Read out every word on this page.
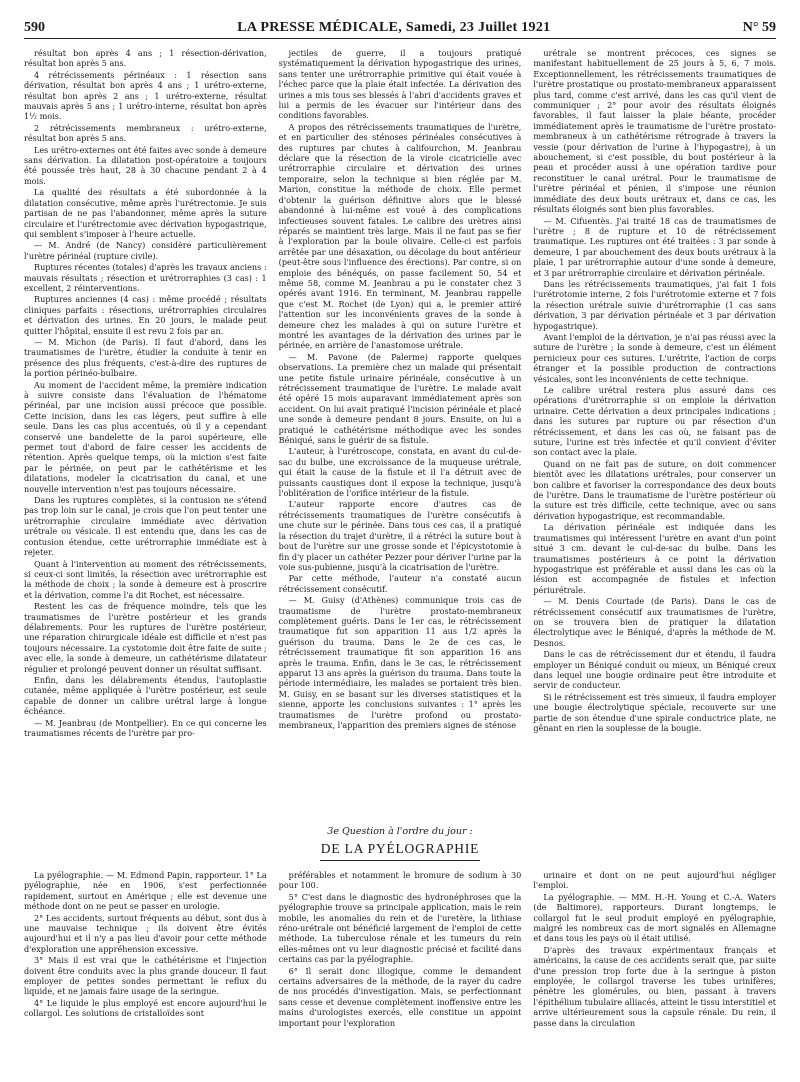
590	LA PRESSE MÉDICALE, Samedi, 23 Juillet 1921	N° 59

résultat bon après 4 ans ; 1 résection-dérivation, résultat bon après 5 ans.

4 rétrécissements périnéaux : 1 résection sans dérivation, résultat bon après 4 ans ; 1 urétro-externe, résultat bon après 2 ans ; 1 urétro-externe, résultat mauvais après 5 ans ; 1 urétro-interne, résultat bon après 1½ mois.

2 rétrécissements membraneux : urétro-externe, résultat bon après 5 ans.

Les urétro-externes ont été faites avec sonde à demeure sans dérivation. La dilatation post-opératoire a toujours été poussée très haut, 28 à 30 chacune pendant 2 à 4 mois.

La qualité des résultats a été subordonnée à la dilatation consécutive, même après l'urétrectomie. Je suis partisan de ne pas l'abandonner, même après la suture circulaire et l'urétrectomie avec dérivation hypogastrique, qui semblent s'imposer à l'heure actuelle.

— M. André (de Nancy) considère particulièrement l'urètre périnéal (rupture civile).

Ruptures récentes (totales) d'après les travaux anciens : mauvais résultats ; résection et urétrorraphies (3 cas) : 1 excellent, 2 réinterventions.

Ruptures anciennes (4 cas) : même procédé ; résultats cliniques parfaits : résections, urétrorraphies circulaires et dérivation des urines. En 20 jours, le malade peut quitter l'hôpital, ensuite il est revu 2 fois par an.

— M. Michon (de Paris). Il faut d'abord, dans les traumatismes de l'urètre, étudier la conduite à tenir en présence des plus fréquents, c'est-à-dire des ruptures de la portion périnéo-bulbaire.

Au moment de l'accident même, la première indication à suivre consiste dans l'évaluation de l'hématome périnéal, par une incision aussi précoce que possible. Cette incision, dans les cas légers, peut suffire à elle seule. Dans les cas plus accentués, où il y a cependant conservé une bandelette de la paroi supérieure, elle permet tout d'abord de faire cesser les accidents de rétention. Après quelque temps, où la miction s'est faite par le périnée, on peut par le cathétérisme et les dilatations, modeler la cicatrisation du canal, et une nouvelle intervention n'est pas toujours nécessaire.

Dans les ruptures complètes, si la contusion ne s'étend pas trop loin sur le canal, je crois que l'on peut tenter une urétrorraphie circulaire immédiate avec dérivation urétrale ou vésicale. Il est entendu que, dans les cas de contusion étendue, cette urétrorraphie immédiate est à rejeter.

Quant à l'intervention au moment des rétrécissements, si ceux-ci sont limités, la résection avec urétrorraphie est la méthode de choix ; la sonde à demeure est à proscrire et la dérivation, comme l'a dit Rochet, est nécessaire.

Restent les cas de fréquence moindre, tels que les traumatismes de l'urètre postérieur et les grands délabrements. Pour les ruptures de l'urètre postérieur, une réparation chirurgicale idéale est difficile et n'est pas toujours nécessaire. La cystotomie doit être faite de suite ; avec elle, la sonde à demeure, un cathétérisme dilatateur régulier et prolongé peuvent donner un résultat suffisant.

Enfin, dans les délabrements étendus, l'autoplastie cutanée, même appliquée à l'urètre postérieur, est seule capable de donner un calibre urétral large à longue échéance.

— M. Jeanbrau (de Montpellier). En ce qui concerne les traumatismes récents de l'urètre par pro-

jectiles de guerre, il a toujours pratiqué systématiquement la dérivation hypogastrique des urines, sans tenter une urétrorraphie primitive qui était vouée à l'échec parce que la plaie était infectée. La dérivation des urines a mis tous ses blessés à l'abri d'accidents graves et lui a permis de les évacuer sur l'intérieur dans des conditions favorables.

A propos des rétrécissements traumatiques de l'urètre, et en particulier des sténoses périnéales consécutives à des ruptures par chutes à califourchon, M. Jeanbrau déclare que la résection de la virole cicatricielle avec urétrorraphie circulaire et dérivation des urines temporaire, selon la technique si bien réglée par M. Marion, constitue la méthode de choix. Elle permet d'obtenir la guérison définitive alors que le blessé abandonné à lui-même est voué à des complications infectieuses souvent fatales. Le calibre des urètres ainsi réparés se maintient très large. Mais il ne faut pas se fier à l'exploration par la boule olivaire. Celle-ci est parfois arrêtée par une désaxation, ou décolage du bout antérieur (peut-être sous l'influence des érections). Par contre, si on emploie des bénéqués, on passe facilement 50, 54 et même 58, comme M. Jeanbrau a pu le constater chez 3 opérés avant 1916. En terminant, M. Jeanbrau rappelle que c'est M. Rochet (de Lyon) qui a, le premier attiré l'attention sur les inconvénients graves de la sonde à demeure chez les malades à qui on suture l'urètre et montré les avantages de la dérivation des urines par le périnée, en arrière de l'anastomose urétrale.

— M. Pavone (de Palerme) rapporte quelques observations. La première chez un malade qui présentait une petite fistule urinaire périnéale, consécutive à un rétrécissement traumatique de l'urètre. Le malade avait été opéré 15 mois auparavant immédiatement après son accident. On lui avait pratiqué l'incision périnéale et placé une sonde à demeure pendant 8 jours. Ensuite, on lui a pratiqué le cathétérisme méthodique avec les sondes Béniqué, sans le guérir de sa fistule.

L'auteur, à l'urétroscope, constata, en avant du cul-de-sac du bulbe, une excroissance de la muqueuse urétrale, qui était la cause de la fistule et il l'a détruit avec de puissants caustiques dont il expose la technique, jusqu'à l'oblitération de l'orifice intérieur de la fistule.

L'auteur rapporte encore d'autres cas de rétrécissements traumatiques de l'urètre consécutifs à une chute sur le périnée. Dans tous ces cas, il a pratiqué la résection du trajet d'urètre, il a rétréci la suture bout à bout de l'urètre sur une grosse sonde et l'épicystotomie à fin d'y placer un cathéter Pezzer pour dériver l'urine par la voie sus-pubienne, jusqu'à la cicatrisation de l'urètre.

Par cette méthode, l'auteur n'a constaté aucun rétrécissement consécutif.

— M. Guisy (d'Athènes) communique trois cas de traumatisme de l'urètre prostato-membraneux complètement guéris. Dans le 1er cas, le rétrécissement traumatique fut son apparition 11 aus 1/2 après la guérison du trauma. Dans le 2e de ces cas, le rétrécissement traumatique fit son apparition 16 ans après le trauma. Enfin, dans le 3e cas, le rétrécissement apparut 13 ans après la guérison du trauma. Dans toute la période intermédiaire, les malades se portaient très bien. M. Guisy, en se basant sur les diverses statistiques et la sienne, apporte les conclusions suivantes : 1° après les traumatismes de l'urètre profond ou prostato-membraneux, l'apparition des premiers signes de sténose

urétrale se montrent précoces, ces signes se manifestant habituellement de 25 jours à 5, 6, 7 mois. Exceptionnellement, les rétrécissements traumatiques de l'urètre prostatique ou prostato-membraneux apparaissent plus tard, comme c'est arrivé, dans les cas qu'il vient de communiquer ; 2° pour avoir des résultats éloignés favorables, il faut laisser la plaie béante, procéder immédiatement après le traumatisme de l'urètre prostato-membraneux à un cathétérisme rétrograde à travers la vessie (pour dérivation de l'urine à l'hypogastre), à un abouchement, si c'est possible, du bout postérieur à la peau et procéder aussi à une opération tardive pour reconstituer le canal urétral. Pour le traumatisme de l'urètre périnéal et pénien, il s'impose une réunion immédiate des deux bouts urétraux et, dans ce cas, les résultats éloignés sont bien plus favorables.

— M. Cifuentès. J'ai traité 18 cas de traumatismes de l'urètre ; 8 de rupture et 10 de rétrécissement traumatique. Les ruptures ont été traitées : 3 par sonde à demeure, 1 par abouchement des deux bouts urétraux à la plaie, 1 par urétrorraphie autour d'une sonde à demeure, et 3 par urétrorraphie circulaire et dérivation périnéale.

Dans les rétrécissements traumatiques, j'ai fait 1 fois l'urétrotomie interne, 2 fois l'urétrotomie externe et 7 fois la résection urétrale suivie d'urétrorraphie (1 cas sans dérivation, 3 par dérivation périnéale et 3 par dérivation hypogastrique).

Avant l'emploi de la dérivation, je n'ai pas réussi avec la suture de l'urètre ; la sonde à demeure, c'est un élément pernicieux pour ces sutures. L'urétrite, l'action de corps étranger et la possible production de contractions vésicales, sont les inconvénients de cette technique.

Le calibre urétral restera plus assuré dans ces opérations d'urétrorraphie si on emploie la dérivation urinaire. Cette dérivation a deux principales indications ; dans les sutures par rupture ou par résection d'un rétrécissement, et dans les cas où, ne faisant pas de suture, l'urine est très infectée et qu'il convient d'éviter son contact avec la plaie.

Quand on ne fait pas de suture, on doit commencer bientôt avec les dilatations urétrales, pour conserver un bon calibre et favoriser la correspondance des deux bouts de l'urètre. Dans le traumatisme de l'urètre postérieur où la suture est très difficile, cette technique, avec ou sans dérivation hypogastrique, est recommandable.

La dérivation périnéale est indiquée dans les traumatismes qui intéressent l'urètre en avant d'un point situé 3 cm. devant le cul-de-sac du bulbe. Dans les traumatismes postérieurs à ce point la dérivation hypogastrique est préférable et aussi dans les cas où la lésion est accompagnée de fistules et infection périurétrale.

— M. Denis Courtade (de Paris). Dans le cas de rétrécissement consécutif aux traumatismes de l'urètre, on se trouvera bien de pratiquer la dilatation électrolytique avec le Béniqué, d'après la méthode de M. Desnos.

Dans le cas de rétrécissement dur et étendu, il faudra employer un Béniqué conduit ou mieux, un Béniqué creux dans lequel une bougie ordinaire peut être introduite et servir de conducteur.

Si le rétrécissement est très sinueux, il faudra employer une bougie électrolytique spéciale, recouverte sur une partie de son étendue d'une spirale conductrice plate, ne gênant en rien la souplesse de la bougie.

3e Question à l'ordre du jour :
DE LA PYÉLOGRAPHIE

La pyélographie. — M. Edmond Papin, rapporteur. 1° La pyélographie, née en 1906, s'est perfectionnée rapidement, surtout en Amérique ; elle est devenue une méthode dont on ne peut se passer en urologie.

2° Les accidents, surtout fréquents au début, sont dus à une mauvaise technique ; ils doivent être évités aujourd'hui et il n'y a pas lieu d'avoir pour cette méthode d'exploration une appréhension excessive.

3° Mais il est vrai que le cathétérisme et l'injection doivent être conduits avec la plus grande douceur. Il faut employer de petites sondes permettant le reflux du liquide, et ne jamais faire usage de la seringue.

4° Le liquide le plus employé est encore aujourd'hui le collargol. Les solutions de cristalloïdes sont

préférables et notamment le bromure de sodium à 30 pour 100.

5° C'est dans le diagnostic des hydronéphroses que la pyélographie trouve sa principale application, mais le rein mobile, les anomalies du rein et de l'uretère, la lithiase réno-urétrale ont bénéficié largement de l'emploi de cette méthode. La tuberculose rénale et les tumeurs du rein elles-mêmes ont vu leur diagnostic précisé et facilité dans certains cas par la pyélographie.

6° Il serait donc illogique, comme le demandent certains adversaires de la méthode, de la rayer du cadre de nos procédés d'investigation. Mais, se perfectionnant sans cesse et devenue complètement inoffensive entre les mains d'urologistes exercés, elle constitue un appoint important pour l'exploration

urinaire et dont on ne peut aujourd'hui négliger l'emploi.

La pyélographie. — MM. H.-H. Young et C.-A. Waters (de Baltimore), rapporteurs. Durant longtemps, le collargol fut le seul produit employé en pyélographie, malgré les nombreux cas de mort signalés en Allemagne et dans tous les pays où il était utilisé.

D'après des travaux expérimentaux français et américains, la cause de ces accidents serait que, par suite d'une pression trop forte due à la seringue à piston employée, le collargol traverse les tubes urinifères, pénètre les glomérules, ou bien, passant à travers l'épithélium tubulaire alliacés, atteint le tissu interstitiel et arrive ultérieurement sous la capsule rénale. Du rein, il passe dans la circulation
